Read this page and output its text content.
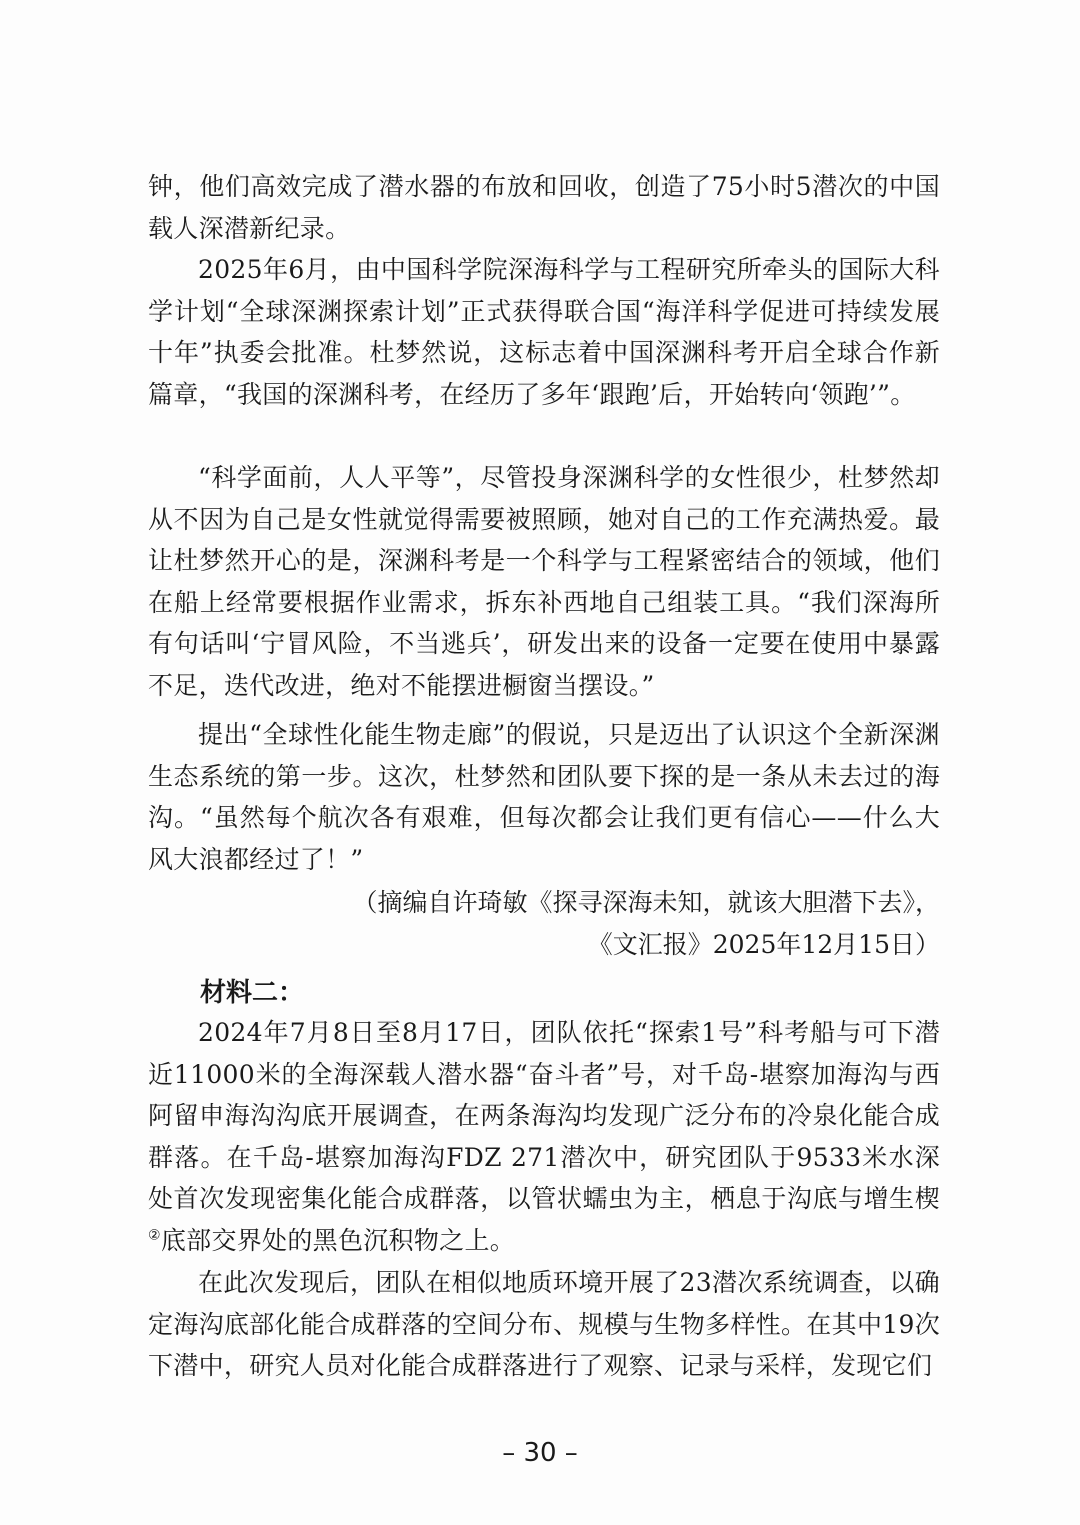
钟，他们高效完成了潜水器的布放和回收，创造了75小时5潜次的中国载人深潜新纪录。
2025年6月，由中国科学院深海科学与工程研究所牵头的国际大科学计划“全球深渊探索计划”正式获得联合国“海洋科学促进可持续发展十年”执委会批准。杜梦然说，这标志着中国深渊科考开启全球合作新篇章，“我国的深渊科考，在经历了多年‘跟跑’后，开始转向‘领跑’”。
“科学面前，人人平等”，尽管投身深渊科学的女性很少，杜梦然却从不因为自己是女性就觉得需要被照顾，她对自己的工作充满热爱。最让杜梦然开心的是，深渊科考是一个科学与工程紧密结合的领域，他们在船上经常要根据作业需求，拆东补西地自己组装工具。“我们深海所有句话叫‘宁冒风险，不当逃兵’，研发出来的设备一定要在使用中暴露不足，迭代改进，绝对不能摆进橱窗当摆设。”
提出“全球性化能生物走廊”的假说，只是迈出了认识这个全新深渊生态系统的第一步。这次，杜梦然和团队要下探的是一条从未去过的海沟。“虽然每个航次各有艰难，但每次都会让我们更有信心——什么大风大浪都经过了！”
（摘编自许琦敏《探寻深海未知，就该大胆潜下去》，
《文汇报》2025年12月15日）
材料二：
2024年7月8日至8月17日，团队依托“探索1号”科考船与可下潜近11000米的全海深载人潜水器“奋斗者”号，对千岛-堪察加海沟与西阿留申海沟沟底开展调查，在两条海沟均发现广泛分布的冷泉化能合成群落。在千岛-堪察加海沟FDZ 271潜次中，研究团队于9533米水深处首次发现密集化能合成群落，以管状蠕虫为主，栖息于沟底与增生楔②底部交界处的黑色沉积物之上。
在此次发现后，团队在相似地质环境开展了23潜次系统调查，以确定海沟底部化能合成群落的空间分布、规模与生物多样性。在其中19次下潜中，研究人员对化能合成群落进行了观察、记录与采样，发现它们
– 30 –
